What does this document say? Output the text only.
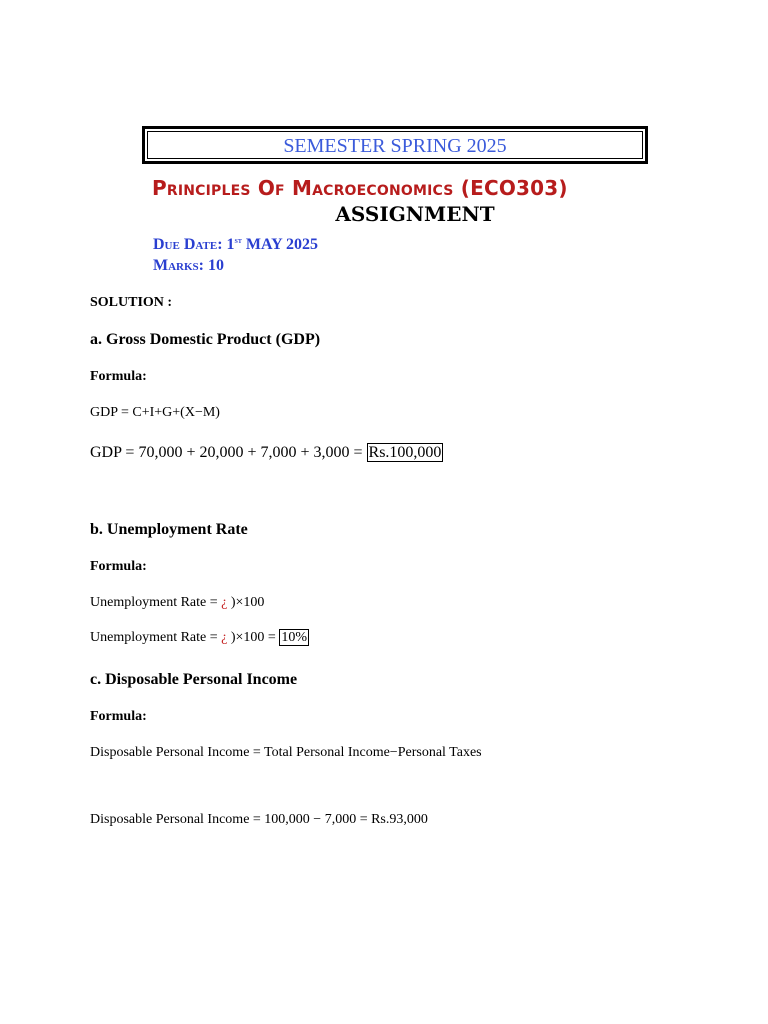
SEMESTER SPRING 2025
Principles Of Macroeconomics (ECO303)
ASSIGNMENT
Due Date: 1st MAY 2025
Marks: 10
SOLUTION :
a. Gross Domestic Product (GDP)
Formula:
GDP = C+I+G+(X−M)
GDP = 70,000 + 20,000 + 7,000 + 3,000 = Rs.100,000
b. Unemployment Rate
Formula:
Unemployment Rate = ¿ )×100
Unemployment Rate = ¿ )×100 = 10%
c. Disposable Personal Income
Formula:
Disposable Personal Income = Total Personal Income−Personal Taxes
Disposable Personal Income = 100,000 − 7,000 = Rs.93,000
